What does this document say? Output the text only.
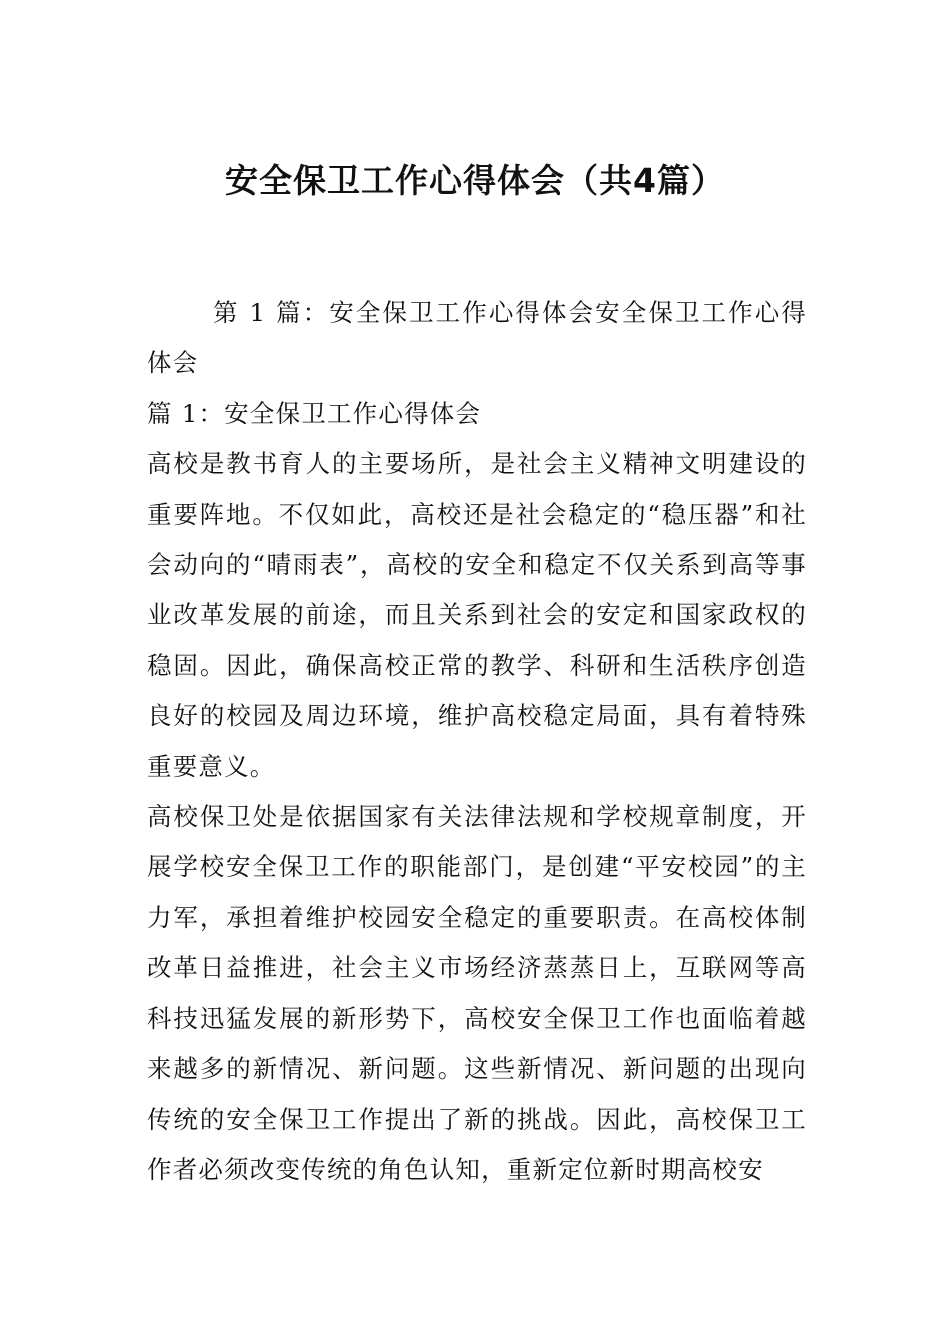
安全保卫工作心得体会（共4篇）

第 1 篇：安全保卫工作心得体会安全保卫工作心得体会

篇 1：安全保卫工作心得体会

高校是教书育人的主要场所，是社会主义精神文明建设的重要阵地。不仅如此，高校还是社会稳定的“稳压器”和社会动向的“晴雨表”，高校的安全和稳定不仅关系到高等事业改革发展的前途，而且关系到社会的安定和国家政权的稳固。因此，确保高校正常的教学、科研和生活秩序创造良好的校园及周边环境，维护高校稳定局面，具有着特殊重要意义。

高校保卫处是依据国家有关法律法规和学校规章制度，开展学校安全保卫工作的职能部门，是创建“平安校园”的主力军，承担着维护校园安全稳定的重要职责。在高校体制改革日益推进，社会主义市场经济蒸蒸日上，互联网等高科技迅猛发展的新形势下，高校安全保卫工作也面临着越来越多的新情况、新问题。这些新情况、新问题的出现向传统的安全保卫工作提出了新的挑战。因此，高校保卫工作者必须改变传统的角色认知，重新定位新时期高校安
